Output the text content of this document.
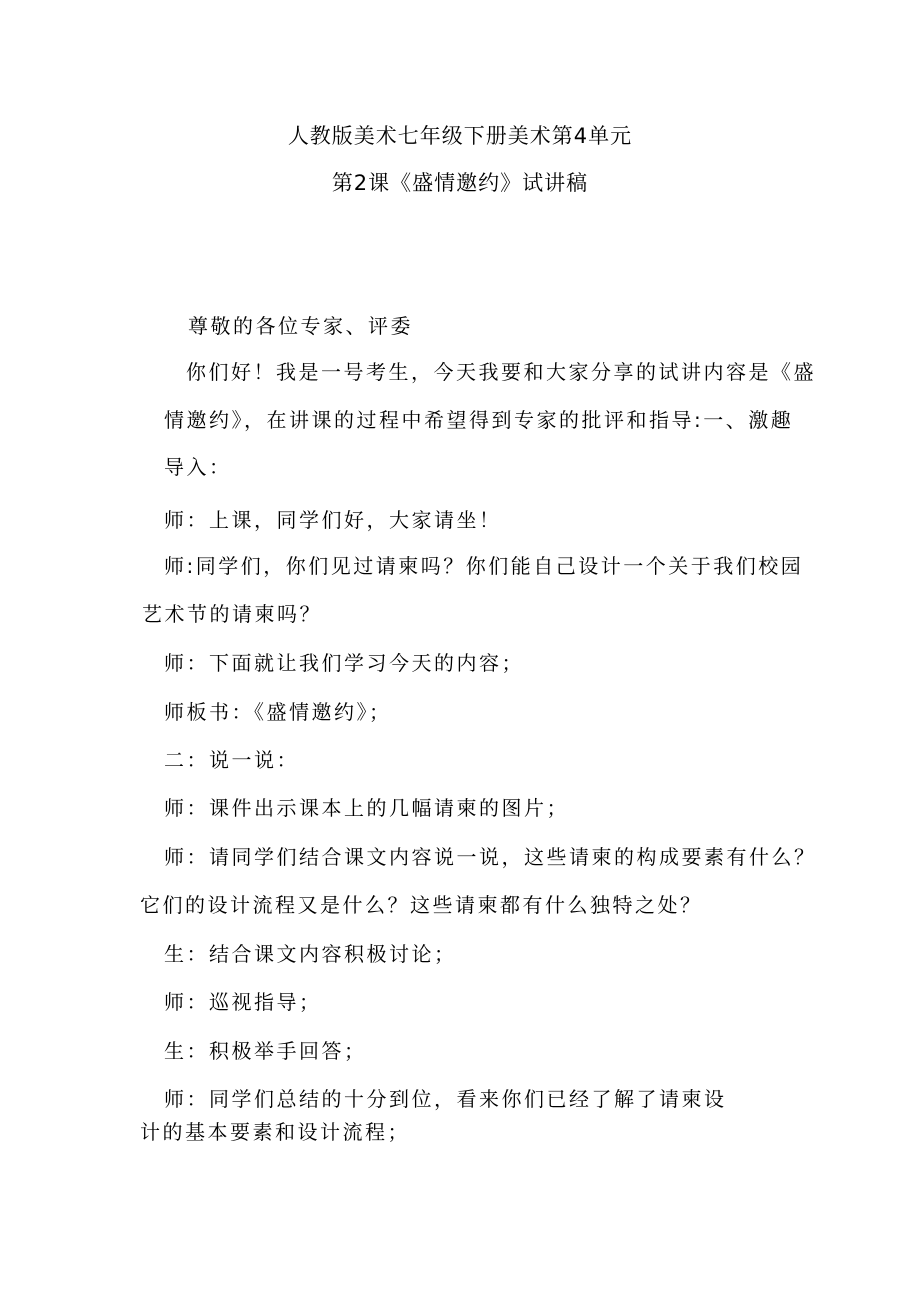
人教版美术七年级下册美术第4单元
第2课《盛情邀约》试讲稿
尊敬的各位专家、评委
你们好！我是一号考生，今天我要和大家分享的试讲内容是《盛
情邀约》，在讲课的过程中希望得到专家的批评和指导:一、激趣
导入：
师：上课，同学们好，大家请坐！
师:同学们，你们见过请柬吗？你们能自己设计一个关于我们校园
艺术节的请柬吗？
师：下面就让我们学习今天的内容；
师板书：《盛情邀约》；
二：说一说：
师：课件出示课本上的几幅请柬的图片；
师：请同学们结合课文内容说一说，这些请柬的构成要素有什么？
它们的设计流程又是什么？这些请柬都有什么独特之处？
生：结合课文内容积极讨论；
师：巡视指导；
生：积极举手回答；
师：同学们总结的十分到位，看来你们已经了解了请柬设
计的基本要素和设计流程；
